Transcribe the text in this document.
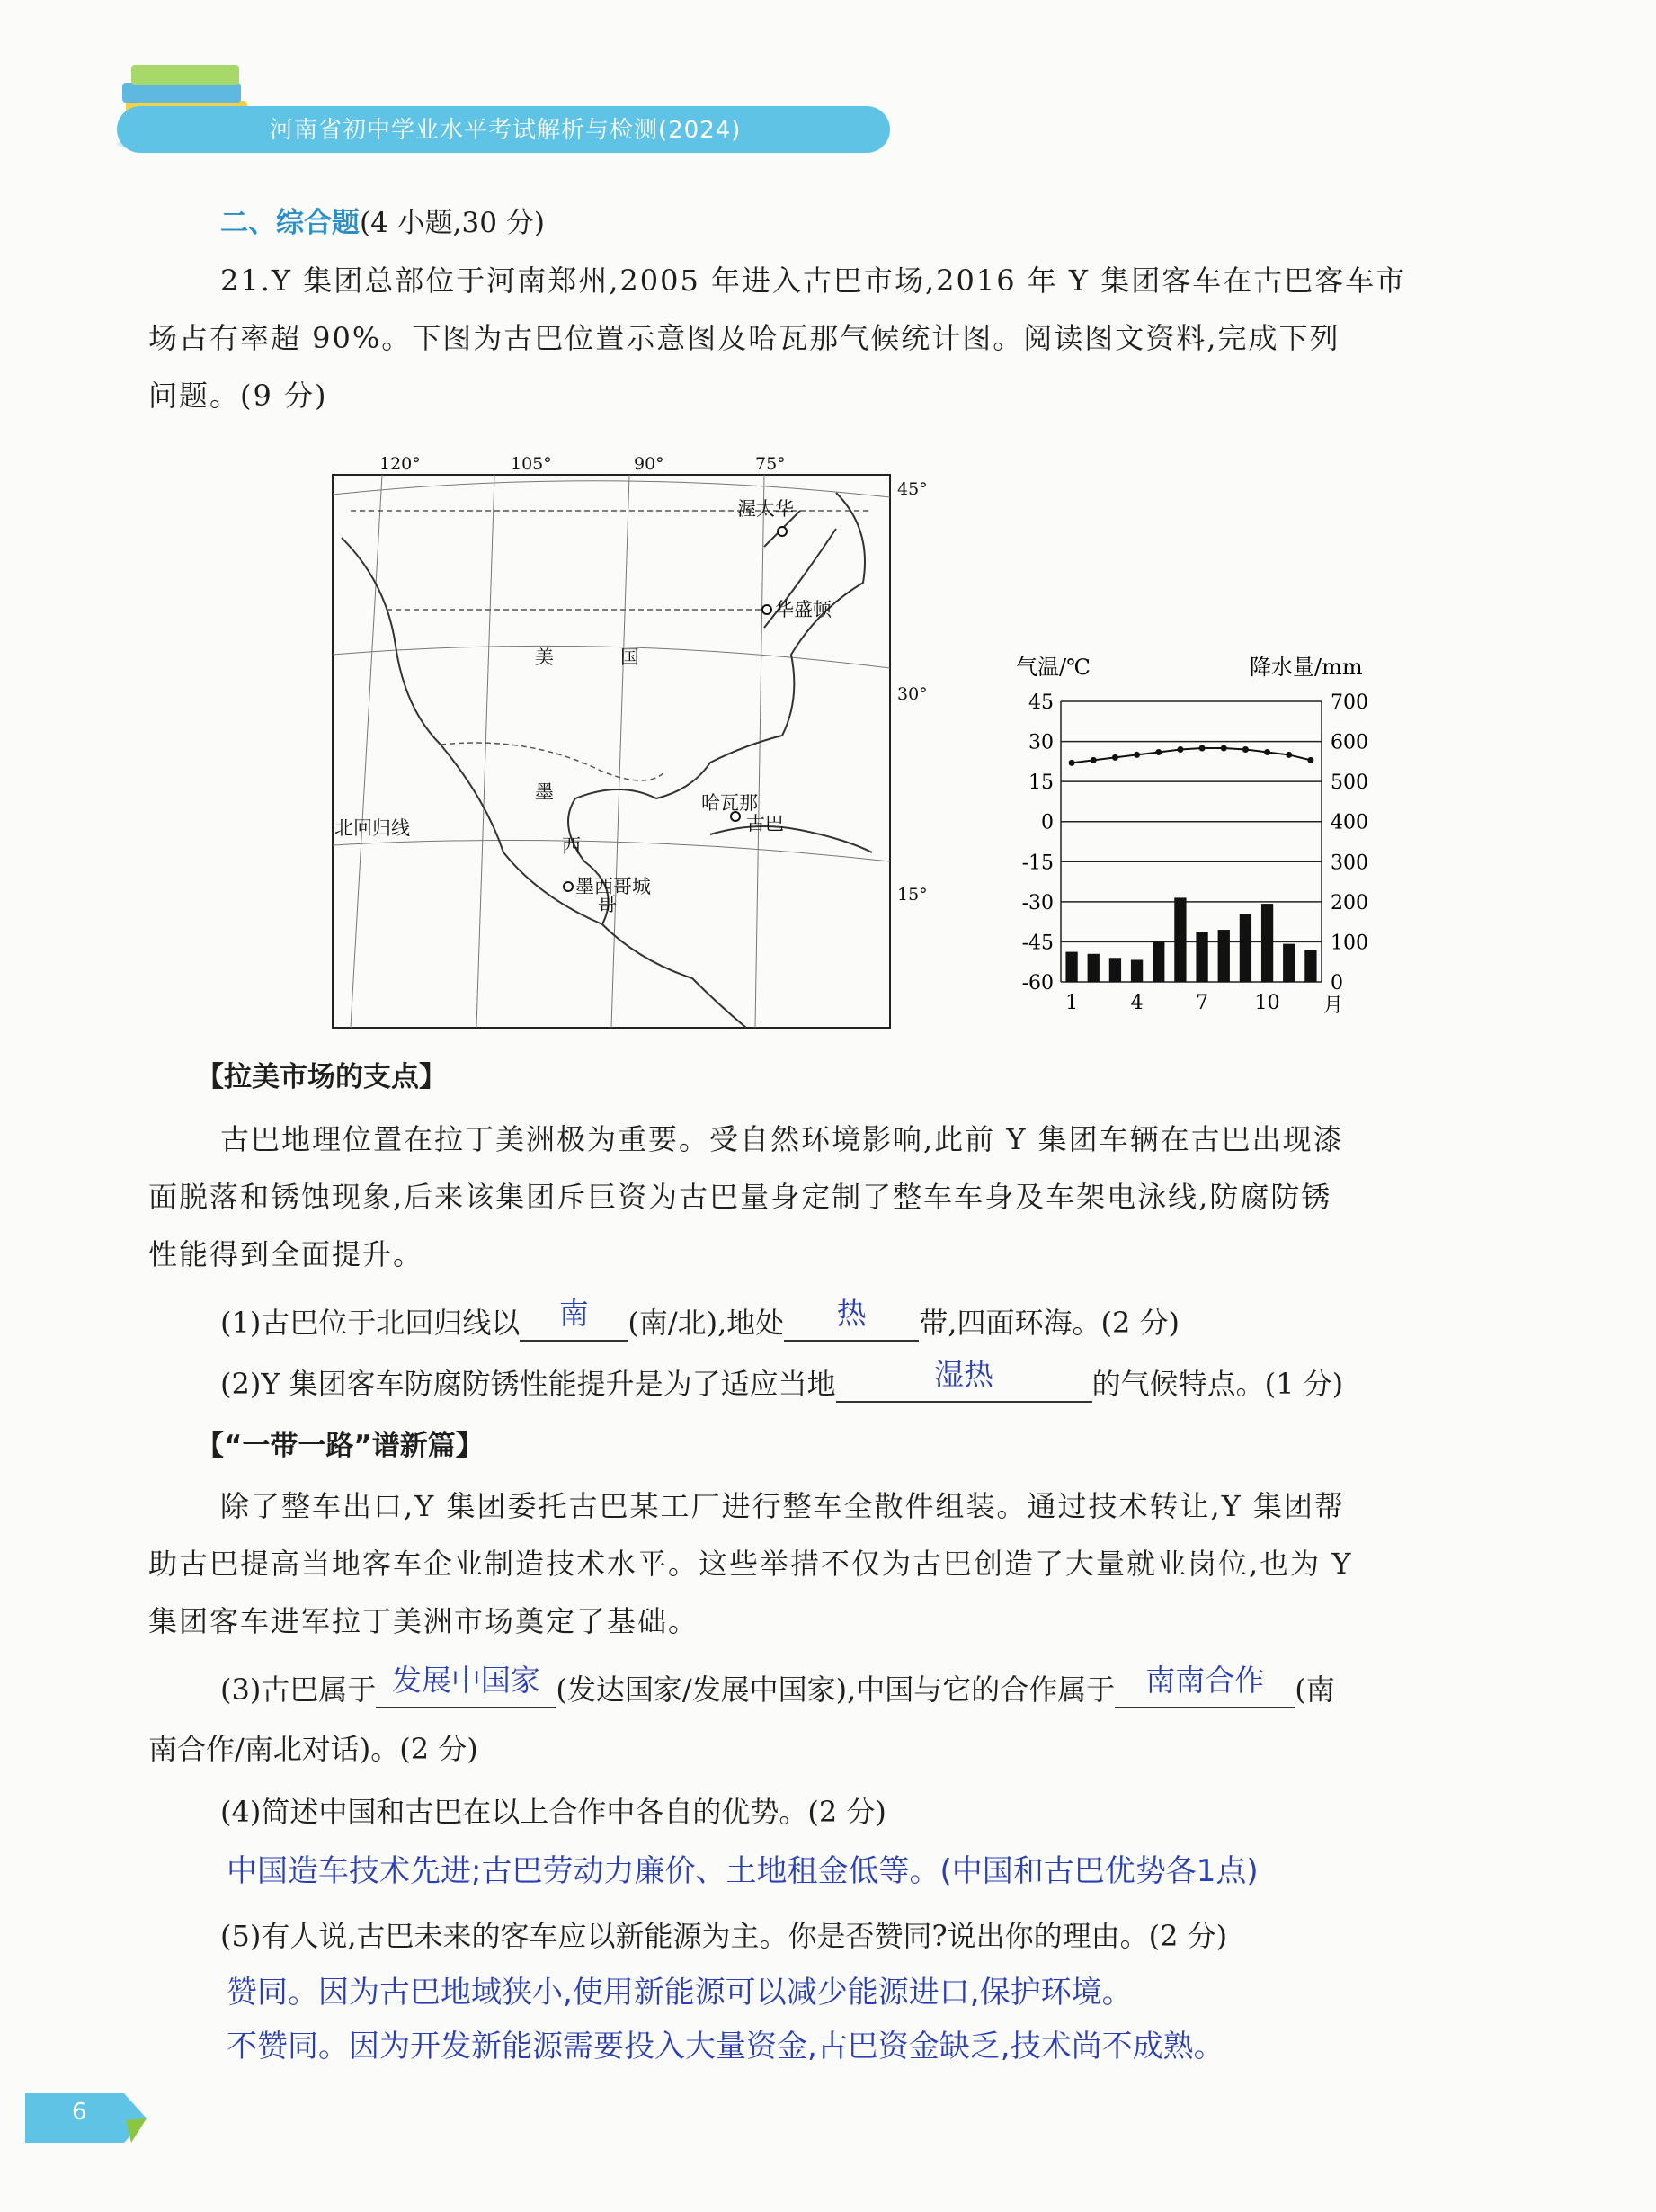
河南省初中学业水平考试解析与检测(2024)
二、综合题(4 小题,30 分)
21.Y 集团总部位于河南郑州,2005 年进入古巴市场,2016 年 Y 集团客车在古巴客车市
场占有率超 90%。下图为古巴位置示意图及哈瓦那气候统计图。阅读图文资料,完成下列
问题。(9 分)
120°	105°	90°	75°
45°
30°
15°
渥太华
华盛顿
美	国
墨
西
哥
墨西哥城
哈瓦那
古巴
北回归线
气温/℃	降水量/mm
45	700
30	600
15	500
0	400
-15	300
-30	200
-45	100
-60	0
1	4	7 10 月
【拉美市场的支点】
古巴地理位置在拉丁美洲极为重要。受自然环境影响,此前 Y 集团车辆在古巴出现漆
面脱落和锈蚀现象,后来该集团斥巨资为古巴量身定制了整车车身及车架电泳线,防腐防锈
性能得到全面提升。
(1)古巴位于北回归线以	南	(南/北),地处	热	带,四面环海。(2 分)
(2)Y 集团客车防腐防锈性能提升是为了适应当地	湿热	的气候特点。(1 分)
【“一带一路”谱新篇】
除了整车出口,Y 集团委托古巴某工厂进行整车全散件组装。通过技术转让,Y 集团帮
助古巴提高当地客车企业制造技术水平。这些举措不仅为古巴创造了大量就业岗位,也为 Y
集团客车进军拉丁美洲市场奠定了基础。
(3)古巴属于 发展中国家 (发达国家/发展中国家),中国与它的合作属于	南南合作	(南
南合作/南北对话)。(2 分)
(4)简述中国和古巴在以上合作中各自的优势。(2 分)
中国造车技术先进;古巴劳动力廉价、土地租金低等。(中国和古巴优势各1点)
(5)有人说,古巴未来的客车应以新能源为主。你是否赞同?说出你的理由。(2 分)
赞同。因为古巴地域狭小,使用新能源可以减少能源进口,保护环境。
不赞同。因为开发新能源需要投入大量资金,古巴资金缺乏,技术尚不成熟。
6
